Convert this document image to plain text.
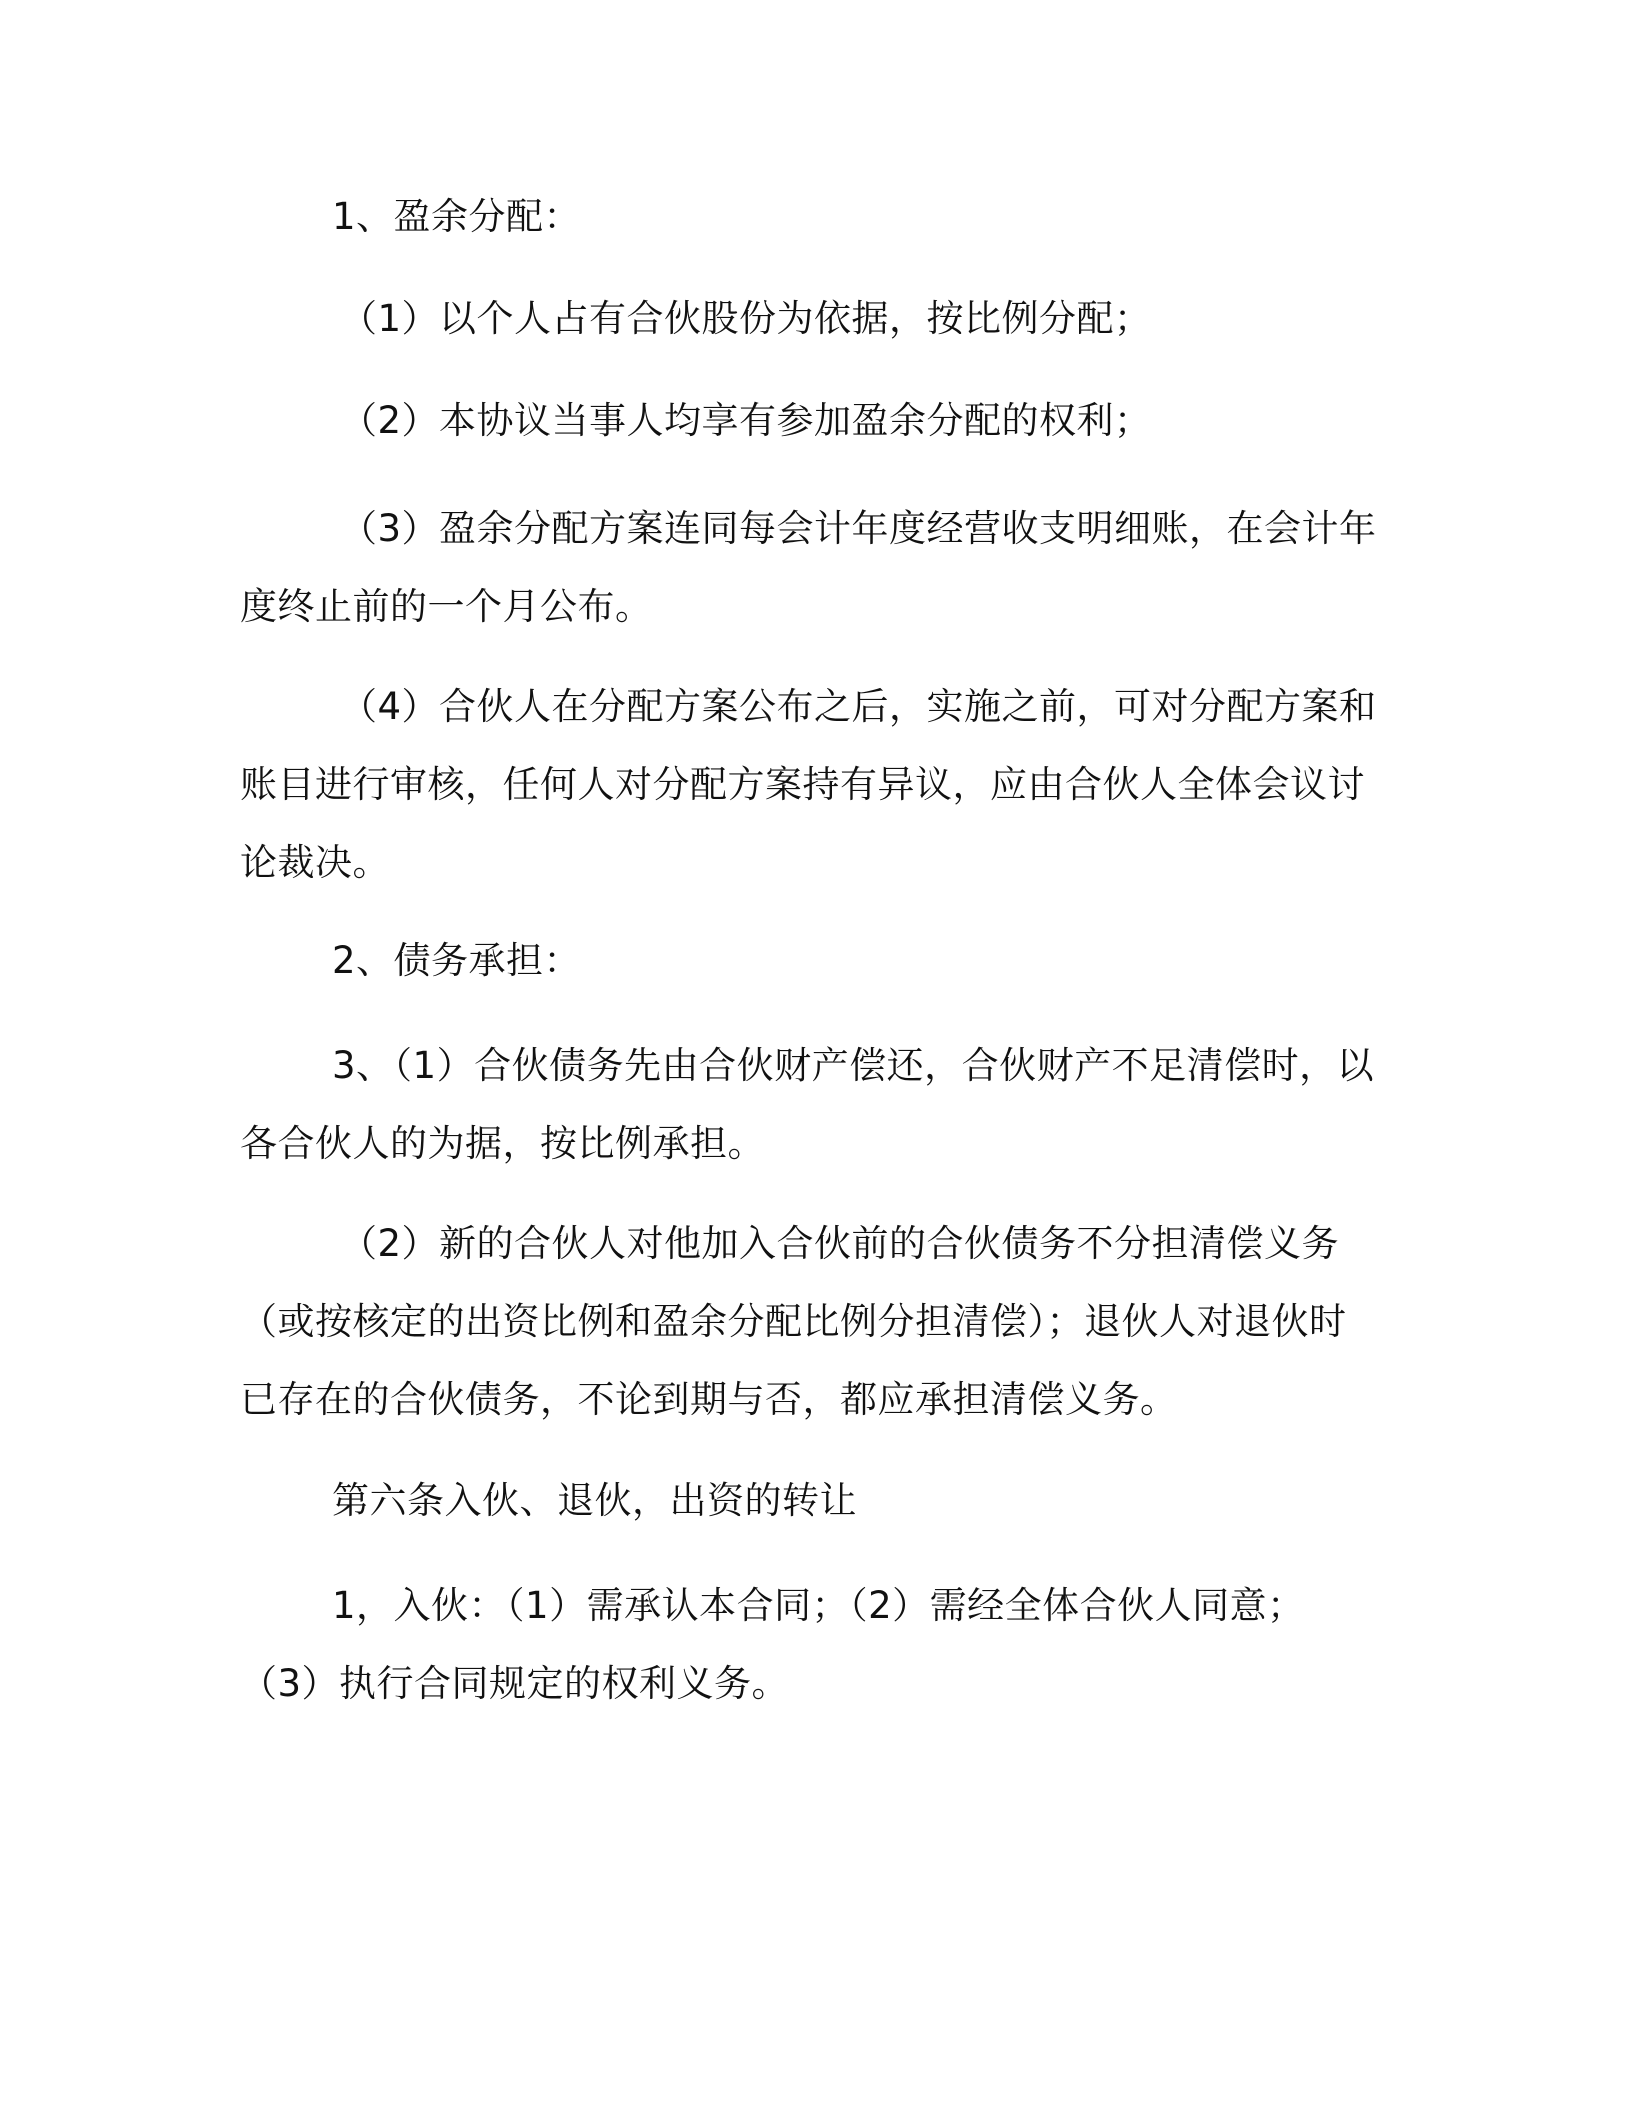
1、盈余分配：

（1）以个人占有合伙股份为依据，按比例分配；

（2）本协议当事人均享有参加盈余分配的权利；

（3）盈余分配方案连同每会计年度经营收支明细账，在会计年
度终止前的一个月公布。

（4）合伙人在分配方案公布之后，实施之前，可对分配方案和
账目进行审核，任何人对分配方案持有异议，应由合伙人全体会议讨
论裁决。

2、债务承担：

3、（1）合伙债务先由合伙财产偿还，合伙财产不足清偿时，以
各合伙人的为据，按比例承担。

（2）新的合伙人对他加入合伙前的合伙债务不分担清偿义务
（或按核定的出资比例和盈余分配比例分担清偿）；退伙人对退伙时
已存在的合伙债务，不论到期与否，都应承担清偿义务。

第六条入伙、退伙，出资的转让

1，入伙：（1）需承认本合同；（2）需经全体合伙人同意；
（3）执行合同规定的权利义务。
